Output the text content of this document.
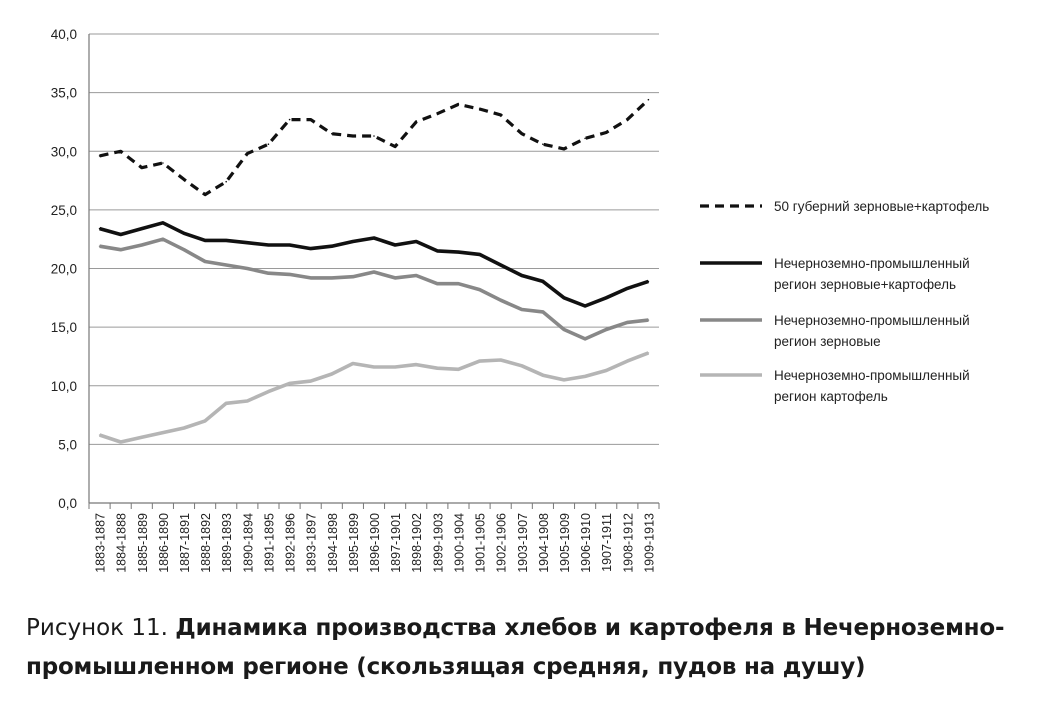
0,0
5,0
10,0
15,0
20,0
25,0
30,0
35,0
40,0
1883-1887 1884-1888 1885-1889 1886-1890 1887-1891 1888-1892 1889-1893 1890-1894 1891-1895 1892-1896 1893-1897 1894-1898 1895-1899 1896-1900 1897-1901 1898-1902 1899-1903 1900-1904 1901-1905 1902-1906 1903-1907 1904-1908 1905-1909 1906-1910 1907-1911 1908-1912 1909-1913
50 губерний зерновые+картофель
Нечерноземно-промышленный
регион зерновые+картофель
Нечерноземно-промышленный
регион зерновые
Нечерноземно-промышленный
регион картофель
Рисунок 11. Динамика производства хлебов и картофеля в Нечерноземно-промышленном регионе (скользящая средняя, пудов на душу)
